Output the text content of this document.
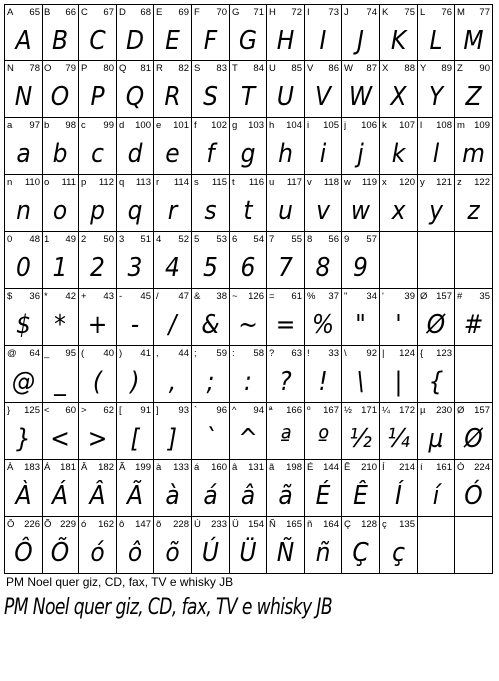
A 65
A
B 66
B
C 67
C
D 68
D
E 69
E
F 70
F
G 71
G
H 72
H
I 73
I
J 74
J
K 75
K
L 76
L
M 77
M
N 78
N
O 79
O
P 80
P
Q 81
Q
R 82
R
S 83
S
T 84
T
U 85
U
V 86
V
W 87
W
X 88
X
Y 89
Y
Z 90
Z
a 97
a
b 98
b
c 99
c
d 100
d
e 101
e
f 102
f
g 103
g
h 104
h
i 105
i
j 106
j
k 107
k
l 108
l
m 109
m
n 110
n
o 111
o
p 112
p
q 113
q
r 114
r
s 115
s
t 116
t
u 117
u
v 118
v
w 119
w
x 120
x
y 121
y
z 122
z
0 48
0
1 49
1
2 50
2
3 51
3
4 52
4
5 53
5
6 54
6
7 55
7
8 56
8
9 57
9
$ 36
$
* 42
*
+ 43
+
- 45
-
/ 47
/
& 38
&
~ 126
~
= 61
=
% 37
%
" 34
"
' 39
'
Ø 157
Ø
# 35
#
@ 64
@
_ 95
_
( 40
(
) 41
)
, 44
,
; 59
;
: 58
:
? 63
?
! 33
!
\ 92
\
| 124
|
{ 123
{
} 125
}
< 60
<
> 62
>
[ 91
[
] 93
]
` 96
`
^ 94
^
ª 166
ª
º 167
º
½ 171
½
¼ 172
¼
µ 230
µ
Ø 157
Ø
À 183
À
Á 181
Á
Â 182
Â
Ã 199
Ã
à 133
à
á 160
á
â 131
â
ã 198
ã
É 144
É
Ê 210
Ê
Í 214
Í
í 161
í
Ó 224
Ó
Ô 226
Ô
Õ 229
Õ
ó 162
ó
ô 147
ô
õ 228
õ
Ú 233
Ú
Ü 154
Ü
Ñ 165
Ñ
ñ 164
ñ
Ç 128
Ç
ç 135
ç
PM Noel quer giz, CD, fax, TV e whisky JB
PM Noel quer giz, CD, fax, TV e whisky JB
